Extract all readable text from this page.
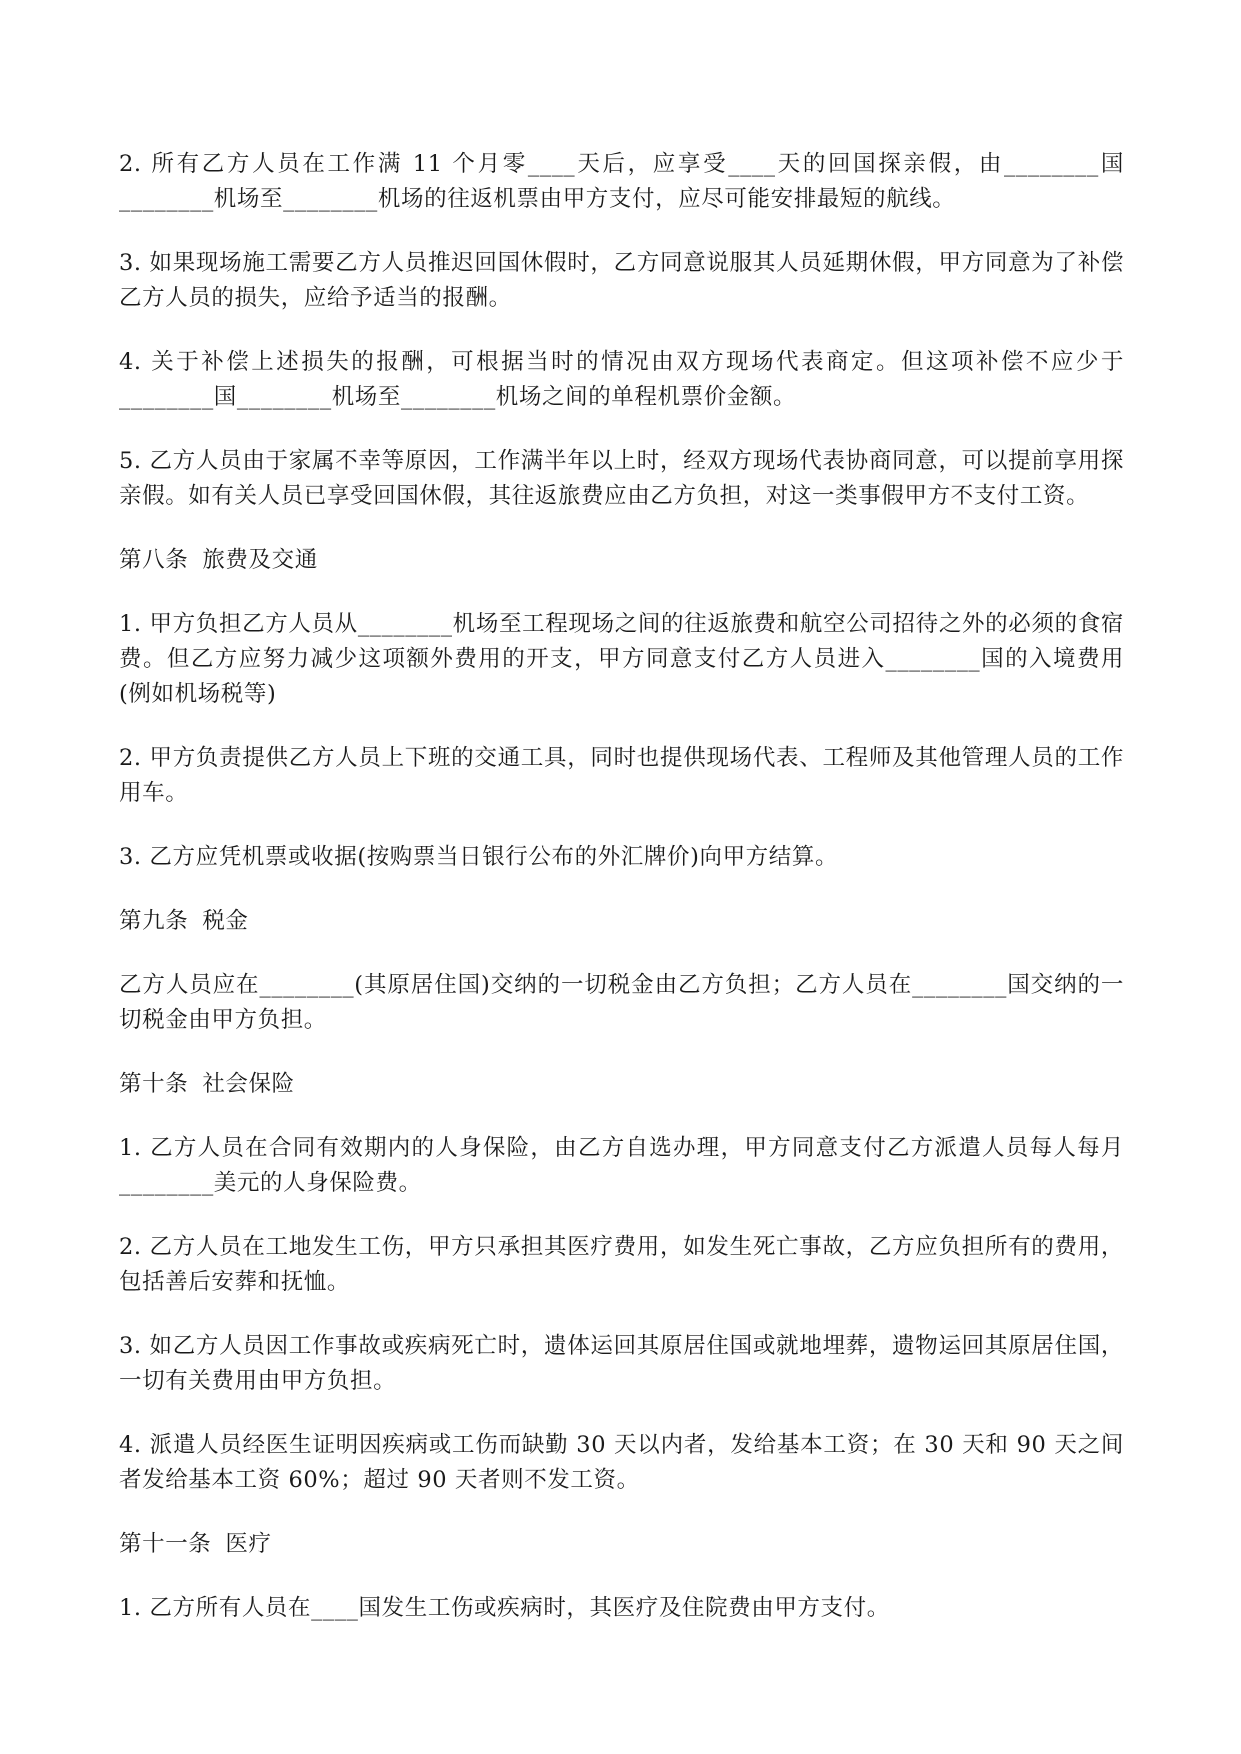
2. 所有乙方人员在工作满 11 个月零____天后，应享受____天的回国探亲假，由________国________机场至________机场的往返机票由甲方支付，应尽可能安排最短的航线。

3. 如果现场施工需要乙方人员推迟回国休假时，乙方同意说服其人员延期休假，甲方同意为了补偿乙方人员的损失，应给予适当的报酬。

4. 关于补偿上述损失的报酬，可根据当时的情况由双方现场代表商定。但这项补偿不应少于________国________机场至________机场之间的单程机票价金额。

5. 乙方人员由于家属不幸等原因，工作满半年以上时，经双方现场代表协商同意，可以提前享用探亲假。如有关人员已享受回国休假，其往返旅费应由乙方负担，对这一类事假甲方不支付工资。

第八条 旅费及交通

1. 甲方负担乙方人员从________机场至工程现场之间的往返旅费和航空公司招待之外的必须的食宿费。但乙方应努力减少这项额外费用的开支，甲方同意支付乙方人员进入________国的入境费用(例如机场税等)

2. 甲方负责提供乙方人员上下班的交通工具，同时也提供现场代表、工程师及其他管理人员的工作用车。

3. 乙方应凭机票或收据(按购票当日银行公布的外汇牌价)向甲方结算。

第九条 税金

乙方人员应在________(其原居住国)交纳的一切税金由乙方负担；乙方人员在________国交纳的一切税金由甲方负担。

第十条 社会保险

1. 乙方人员在合同有效期内的人身保险，由乙方自选办理，甲方同意支付乙方派遣人员每人每月________美元的人身保险费。

2. 乙方人员在工地发生工伤，甲方只承担其医疗费用，如发生死亡事故，乙方应负担所有的费用，包括善后安葬和抚恤。

3. 如乙方人员因工作事故或疾病死亡时，遗体运回其原居住国或就地埋葬，遗物运回其原居住国，一切有关费用由甲方负担。

4. 派遣人员经医生证明因疾病或工伤而缺勤 30 天以内者，发给基本工资；在 30 天和 90 天之间者发给基本工资 60%；超过 90 天者则不发工资。

第十一条 医疗

1. 乙方所有人员在____国发生工伤或疾病时，其医疗及住院费由甲方支付。
